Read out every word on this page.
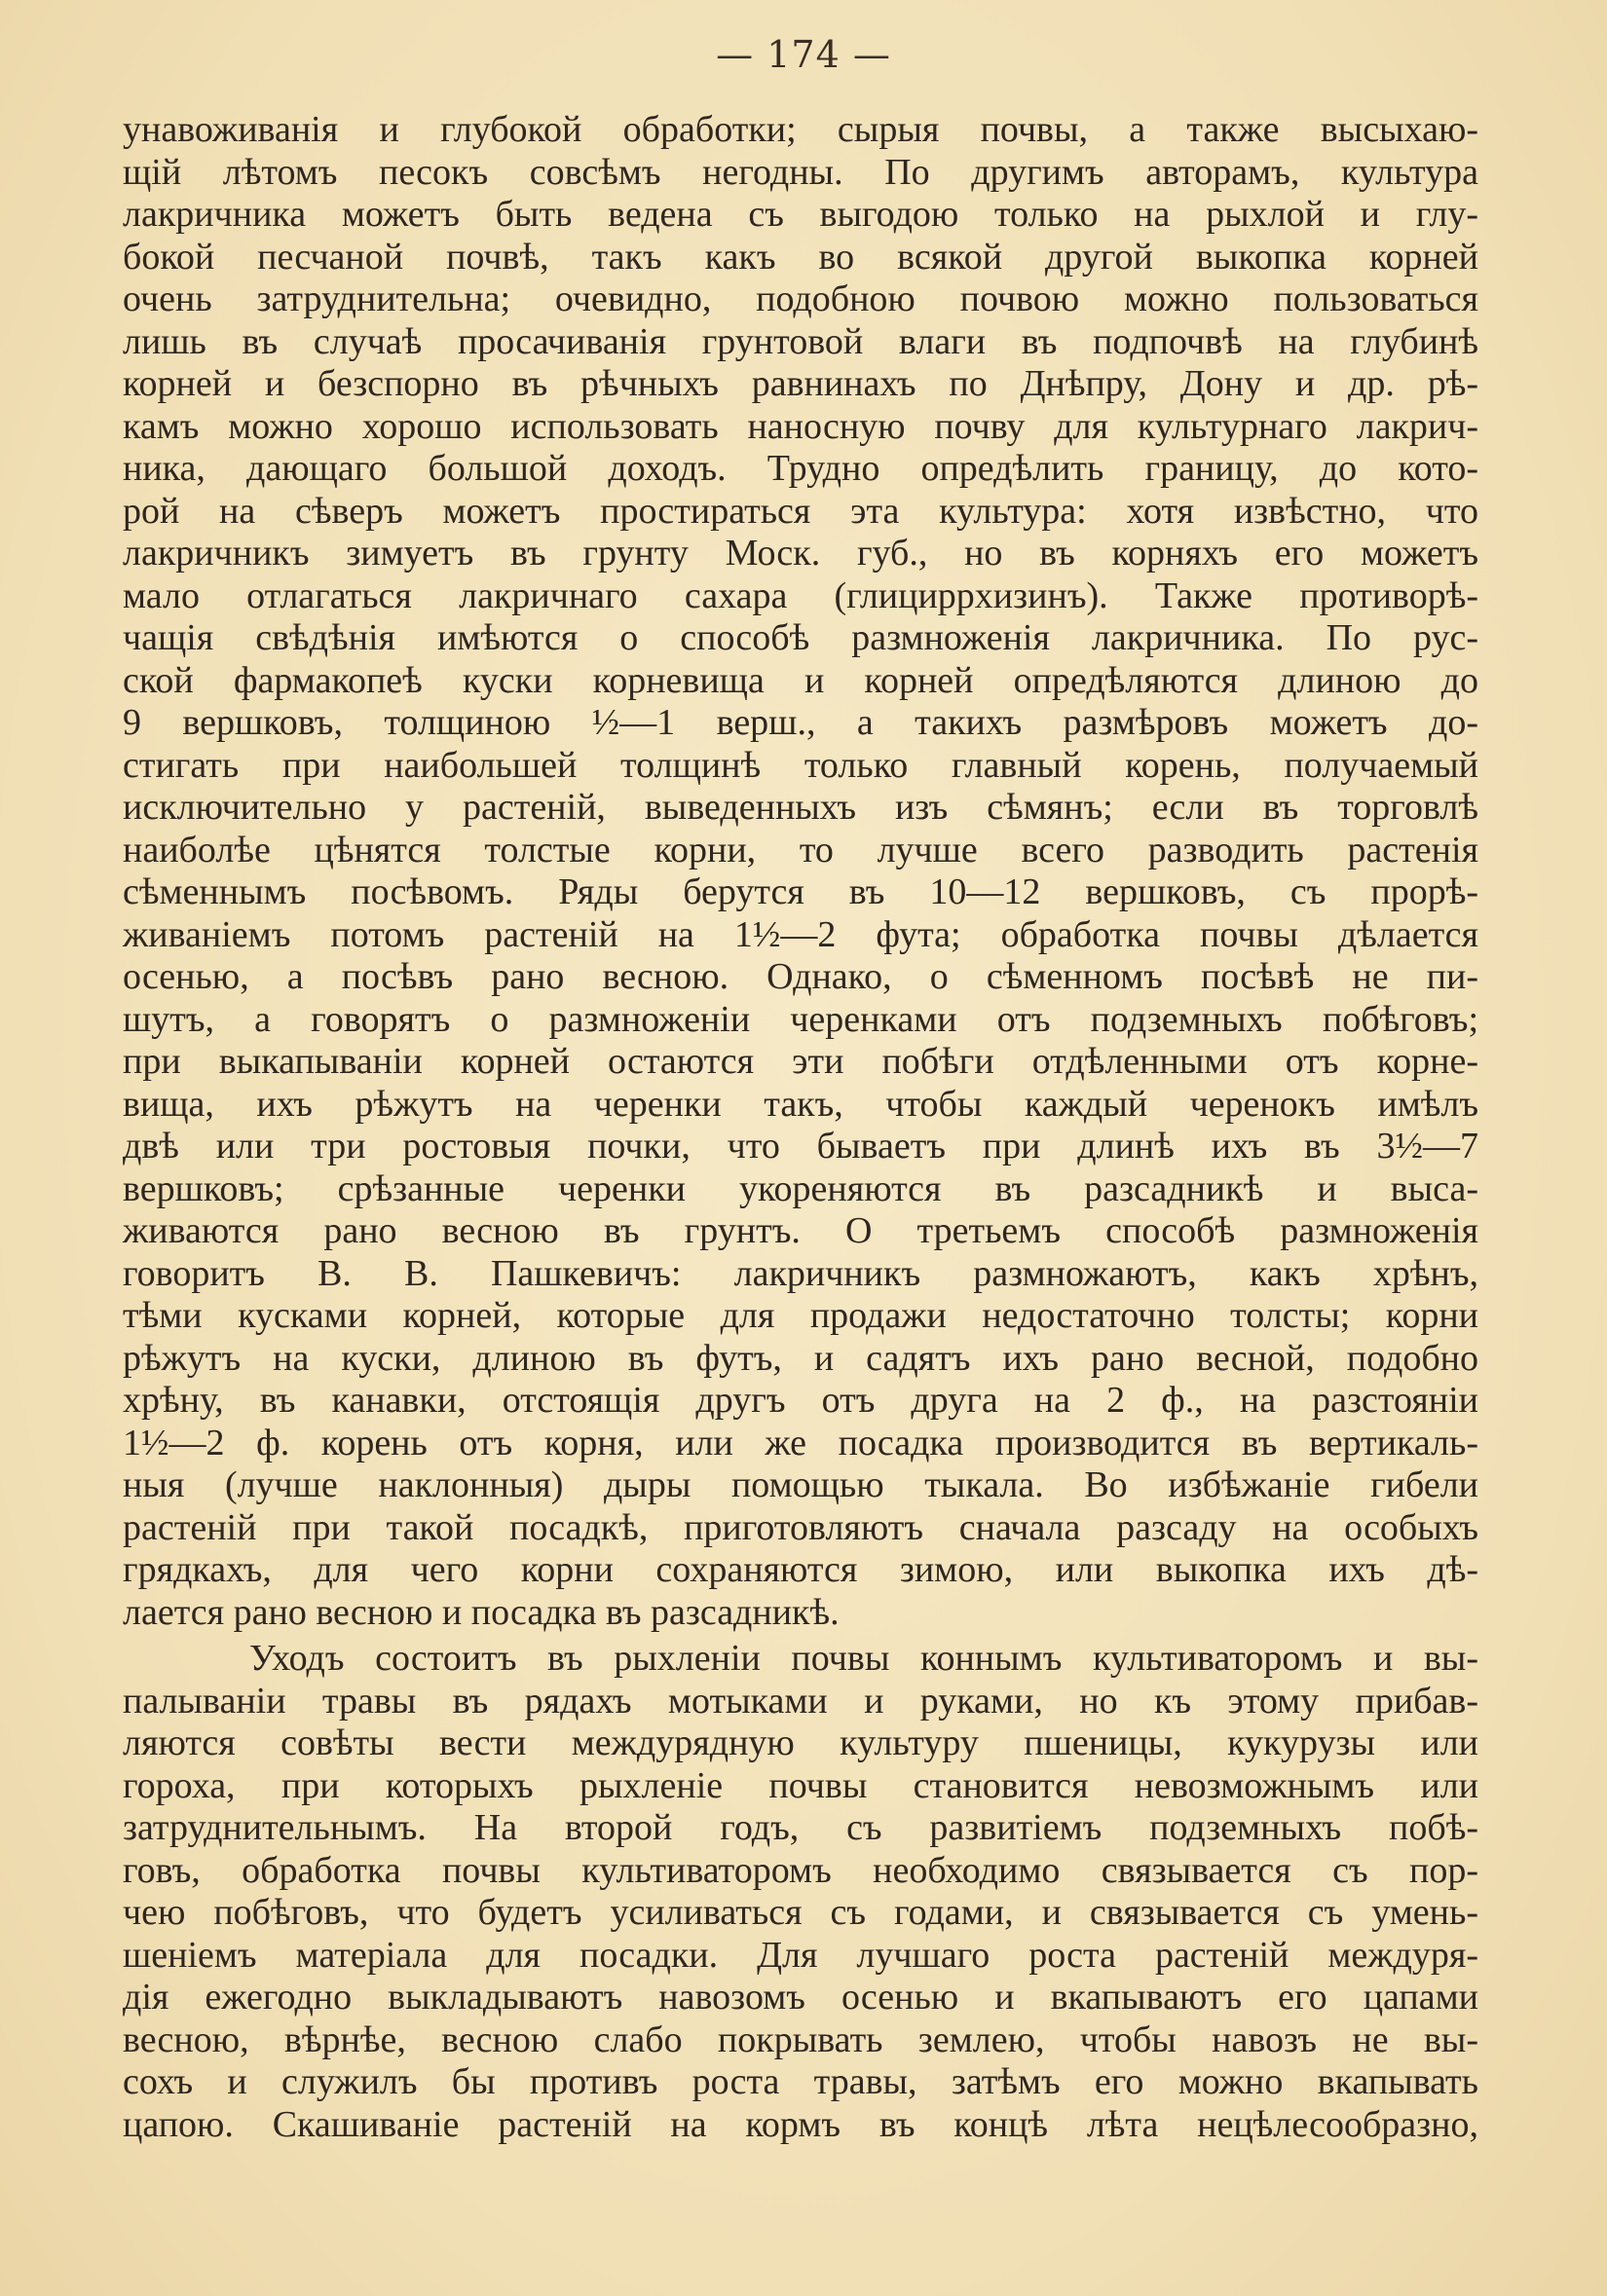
— 174 —
унавоживанія и глубокой обработки; сырыя почвы, а также высыхаю-
щій лѣтомъ песокъ совсѣмъ негодны. По другимъ авторамъ, культура
лакричника можетъ быть ведена съ выгодою только на рыхлой и глу-
бокой песчаной почвѣ, такъ какъ во всякой другой выкопка корней
очень затруднительна; очевидно, подобною почвою можно пользоваться
лишь въ случаѣ просачиванія грунтовой влаги въ подпочвѣ на глубинѣ
корней и безспорно въ рѣчныхъ равнинахъ по Днѣпру, Дону и др. рѣ-
камъ можно хорошо использовать наносную почву для культурнаго лакрич-
ника, дающаго большой доходъ. Трудно опредѣлить границу, до кото-
рой на сѣверъ можетъ простираться эта культура: хотя извѣстно, что
лакричникъ зимуетъ въ грунту Моск. губ., но въ корняхъ его можетъ
мало отлагаться лакричнаго сахара (глициррхизинъ). Также противорѣ-
чащія свѣдѣнія имѣются о способѣ размноженія лакричника. По рус-
ской фармакопеѣ куски корневища и корней опредѣляются длиною до
9 вершковъ, толщиною ½—1 верш., а такихъ размѣровъ можетъ до-
стигать при наибольшей толщинѣ только главный корень, получаемый
исключительно у растеній, выведенныхъ изъ сѣмянъ; если въ торговлѣ
наиболѣе цѣнятся толстые корни, то лучше всего разводить растенія
сѣменнымъ посѣвомъ. Ряды берутся въ 10—12 вершковъ, съ прорѣ-
живаніемъ потомъ растеній на 1½—2 фута; обработка почвы дѣлается
осенью, а посѣвъ рано весною. Однако, о сѣменномъ посѣвѣ не пи-
шутъ, а говорятъ о размноженіи черенками отъ подземныхъ побѣговъ;
при выкапываніи корней остаются эти побѣги отдѣленными отъ корне-
вища, ихъ рѣжутъ на черенки такъ, чтобы каждый черенокъ имѣлъ
двѣ или три ростовыя почки, что бываетъ при длинѣ ихъ въ 3½—7
вершковъ; срѣзанные черенки укореняются въ разсадникѣ и выса-
живаются рано весною въ грунтъ. О третьемъ способѣ размноженія
говоритъ В. В. Пашкевичъ: лакричникъ размножаютъ, какъ хрѣнъ,
тѣми кусками корней, которые для продажи недостаточно толсты; корни
рѣжутъ на куски, длиною въ футъ, и садятъ ихъ рано весной, подобно
хрѣну, въ канавки, отстоящія другъ отъ друга на 2 ф., на разстояніи
1½—2 ф. корень отъ корня, или же посадка производится въ вертикаль-
ныя (лучше наклонныя) дыры помощью тыкала. Во избѣжаніе гибели
растеній при такой посадкѣ, приготовляютъ сначала разсаду на особыхъ
грядкахъ, для чего корни сохраняются зимою, или выкопка ихъ дѣ-
лается рано весною и посадка въ разсадникѣ.
Уходъ состоитъ въ рыхленіи почвы коннымъ культиваторомъ и вы-
палываніи травы въ рядахъ мотыками и руками, но къ этому прибав-
ляются совѣты вести междурядную культуру пшеницы, кукурузы или
гороха, при которыхъ рыхленіе почвы становится невозможнымъ или
затруднительнымъ. На второй годъ, съ развитіемъ подземныхъ побѣ-
говъ, обработка почвы культиваторомъ необходимо связывается съ пор-
чею побѣговъ, что будетъ усиливаться съ годами, и связывается съ умень-
шеніемъ матеріала для посадки. Для лучшаго роста растеній междуря-
дія ежегодно выкладываютъ навозомъ осенью и вкапываютъ его цапами
весною, вѣрнѣе, весною слабо покрывать землею, чтобы навозъ не вы-
сохъ и служилъ бы противъ роста травы, затѣмъ его можно вкапывать
цапою. Скашиваніе растеній на кормъ въ концѣ лѣта нецѣлесообразно,
